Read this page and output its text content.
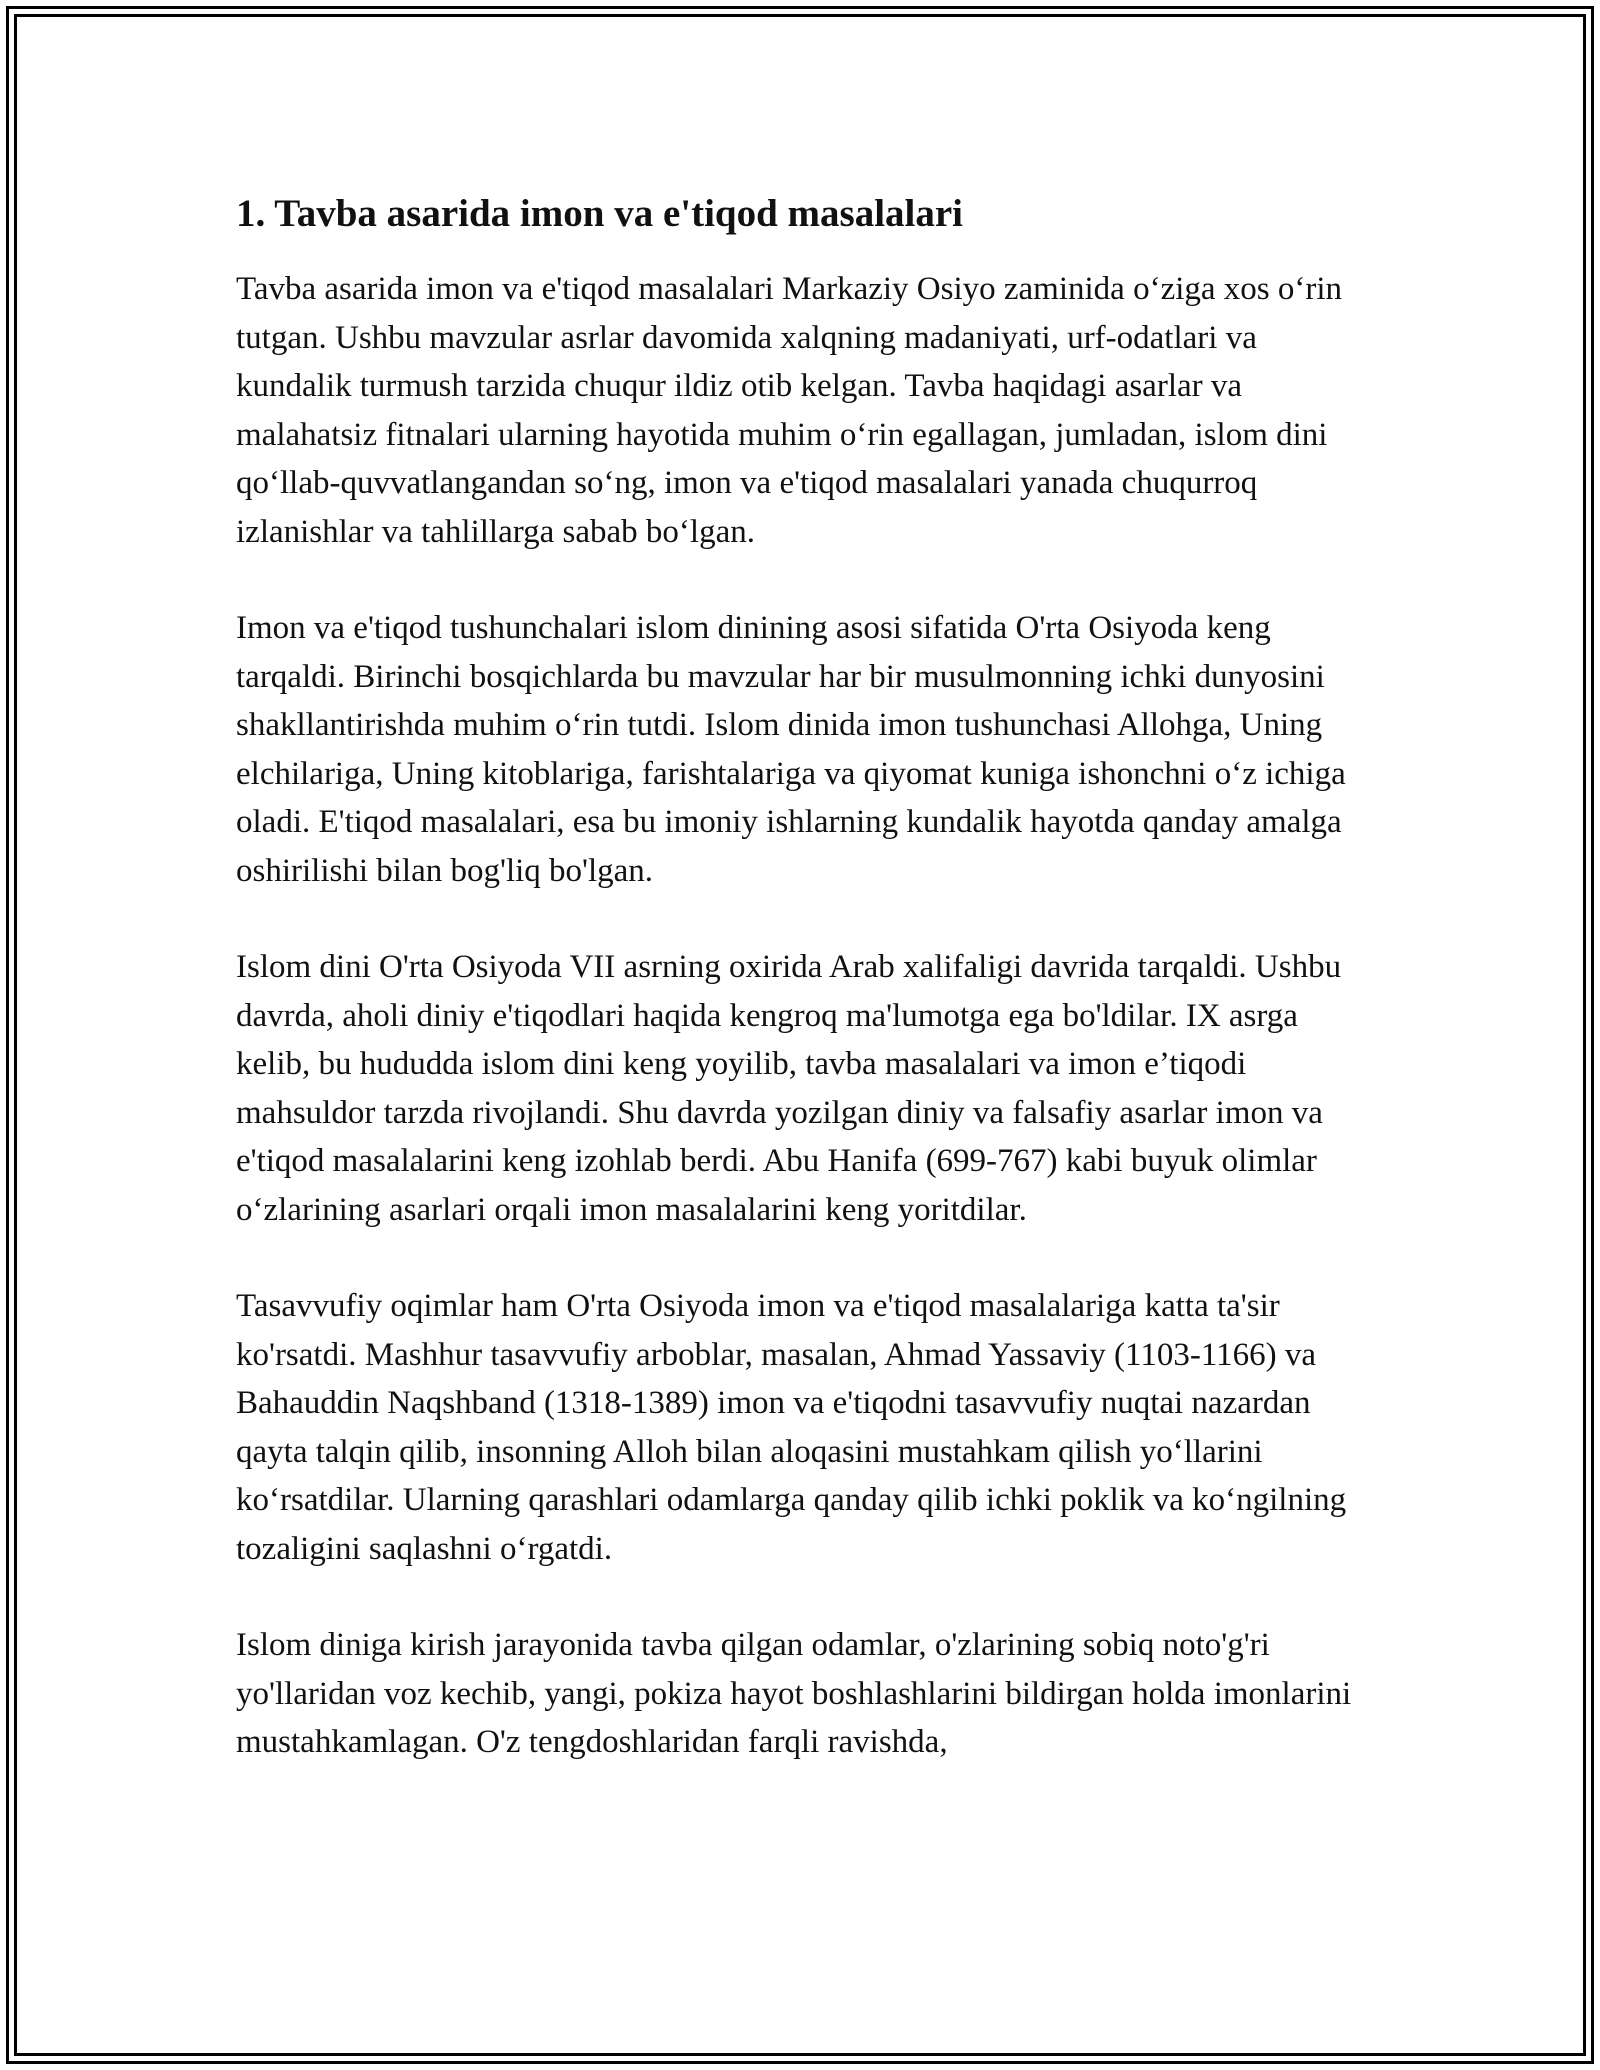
1. Tavba asarida imon va e'tiqod masalalari

Tavba asarida imon va e'tiqod masalalari Markaziy Osiyo zaminida o‘ziga xos o‘rin tutgan. Ushbu mavzular asrlar davomida xalqning madaniyati, urf-odatlari va kundalik turmush tarzida chuqur ildiz otib kelgan. Tavba haqidagi asarlar va malahatsiz fitnalari ularning hayotida muhim o‘rin egallagan, jumladan, islom dini qo‘llab-quvvatlangandan so‘ng, imon va e'tiqod masalalari yanada chuqurroq izlanishlar va tahlillarga sabab bo‘lgan.

Imon va e'tiqod tushunchalari islom dinining asosi sifatida O'rta Osiyoda keng tarqaldi. Birinchi bosqichlarda bu mavzular har bir musulmonning ichki dunyosini shakllantirishda muhim o‘rin tutdi. Islom dinida imon tushunchasi Allohga, Uning elchilariga, Uning kitoblariga, farishtalariga va qiyomat kuniga ishonchni o‘z ichiga oladi. E'tiqod masalalari, esa bu imoniy ishlarning kundalik hayotda qanday amalga oshirilishi bilan bog'liq bo'lgan.

Islom dini O'rta Osiyoda VII asrning oxirida Arab xalifaligi davrida tarqaldi. Ushbu davrda, aholi diniy e'tiqodlari haqida kengroq ma'lumotga ega bo'ldilar. IX asrga kelib, bu hududda islom dini keng yoyilib, tavba masalalari va imon e’tiqodi mahsuldor tarzda rivojlandi. Shu davrda yozilgan diniy va falsafiy asarlar imon va e'tiqod masalalarini keng izohlab berdi. Abu Hanifa (699-767) kabi buyuk olimlar o‘zlarining asarlari orqali imon masalalarini keng yoritdilar.

Tasavvufiy oqimlar ham O'rta Osiyoda imon va e'tiqod masalalariga katta ta'sir ko'rsatdi. Mashhur tasavvufiy arboblar, masalan, Ahmad Yassaviy (1103-1166) va Bahauddin Naqshband (1318-1389) imon va e'tiqodni tasavvufiy nuqtai nazardan qayta talqin qilib, insonning Alloh bilan aloqasini mustahkam qilish yo‘llarini ko‘rsatdilar. Ularning qarashlari odamlarga qanday qilib ichki poklik va ko‘ngilning tozaligini saqlashni o‘rgatdi.

Islom diniga kirish jarayonida tavba qilgan odamlar, o'zlarining sobiq noto'g'ri yo'llaridan voz kechib, yangi, pokiza hayot boshlashlarini bildirgan holda imonlarini mustahkamlagan. O'z tengdoshlaridan farqli ravishda,
